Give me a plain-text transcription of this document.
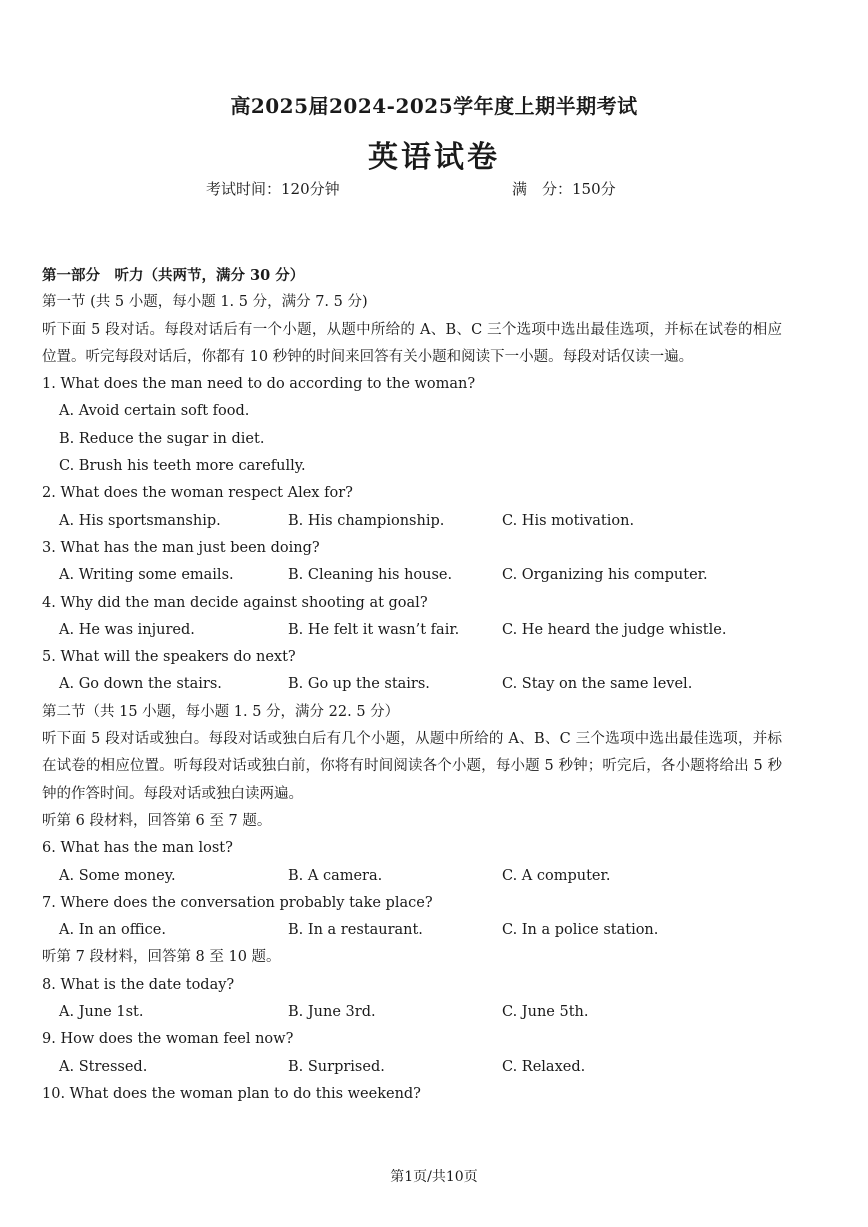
高2025届2024-2025学年度上期半期考试
英语试卷
考试时间：120分钟	满　分：150分
第一部分　听力（共两节，满分 30 分）
第一节 (共 5 小题，每小题 1. 5 分，满分 7. 5 分)
听下面 5 段对话。每段对话后有一个小题，从题中所给的 A、B、C 三个选项中选出最佳选项，并标在试卷的相应位置。听完每段对话后，你都有 10 秒钟的时间来回答有关小题和阅读下一小题。每段对话仅读一遍。
1. What does the man need to do according to the woman?
A. Avoid certain soft food.
B. Reduce the sugar in diet.
C. Brush his teeth more carefully.
2. What does the woman respect Alex for?
A. His sportsmanship.	B. His championship.	C. His motivation.
3. What has the man just been doing?
A. Writing some emails.	B. Cleaning his house.	C. Organizing his computer.
4. Why did the man decide against shooting at goal?
A. He was injured.	B. He felt it wasn’t fair.	C. He heard the judge whistle.
5. What will the speakers do next?
A. Go down the stairs.	B. Go up the stairs.	C. Stay on the same level.
第二节（共 15 小题，每小题 1. 5 分，满分 22. 5 分）
听下面 5 段对话或独白。每段对话或独白后有几个小题，从题中所给的 A、B、C 三个选项中选出最佳选项，并标在试卷的相应位置。听每段对话或独白前，你将有时间阅读各个小题，每小题 5 秒钟；听完后，各小题将给出 5 秒钟的作答时间。每段对话或独白读两遍。
听第 6 段材料，回答第 6 至 7 题。
6. What has the man lost?
A. Some money.	B. A camera.	C. A computer.
7. Where does the conversation probably take place?
A. In an office.	B. In a restaurant.	C. In a police station.
听第 7 段材料，回答第 8 至 10 题。
8. What is the date today?
A. June 1st.	B. June 3rd.	C. June 5th.
9. How does the woman feel now?
A. Stressed.	B. Surprised.	C. Relaxed.
10. What does the woman plan to do this weekend?
第1页/共10页
